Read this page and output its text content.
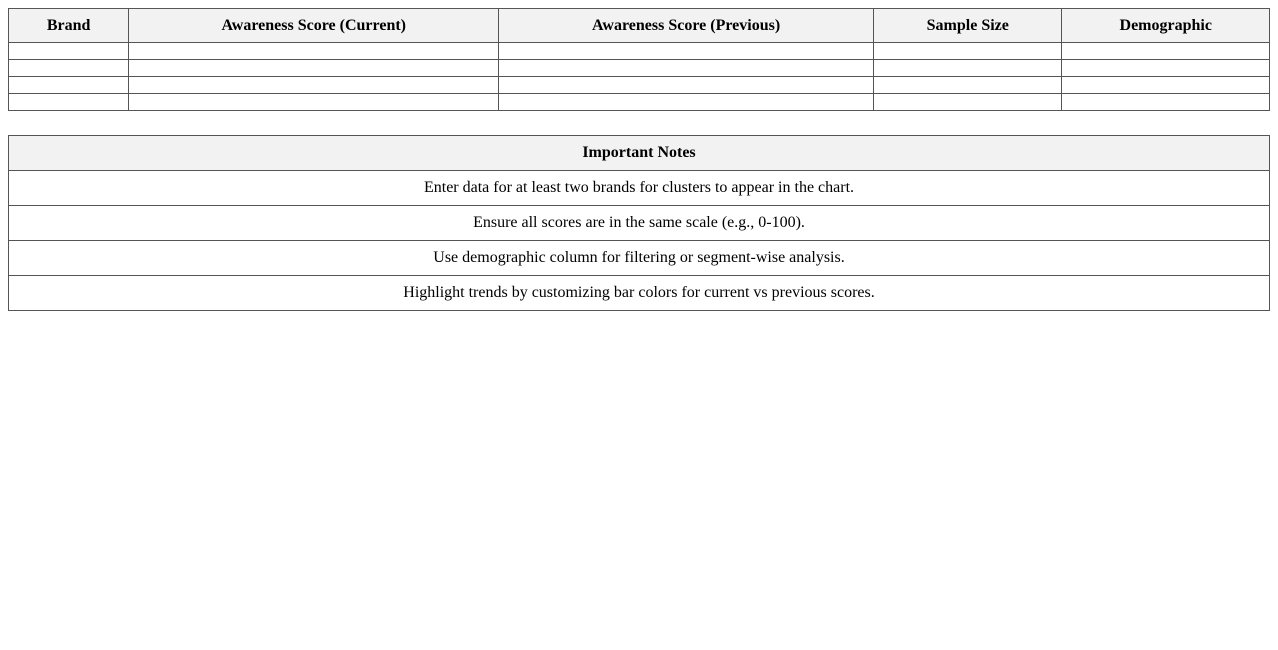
Brand	Awareness Score (Current)	Awareness Score (Previous)	Sample Size	Demographic

Important Notes
Enter data for at least two brands for clusters to appear in the chart.
Ensure all scores are in the same scale (e.g., 0-100).
Use demographic column for filtering or segment-wise analysis.
Highlight trends by customizing bar colors for current vs previous scores.
